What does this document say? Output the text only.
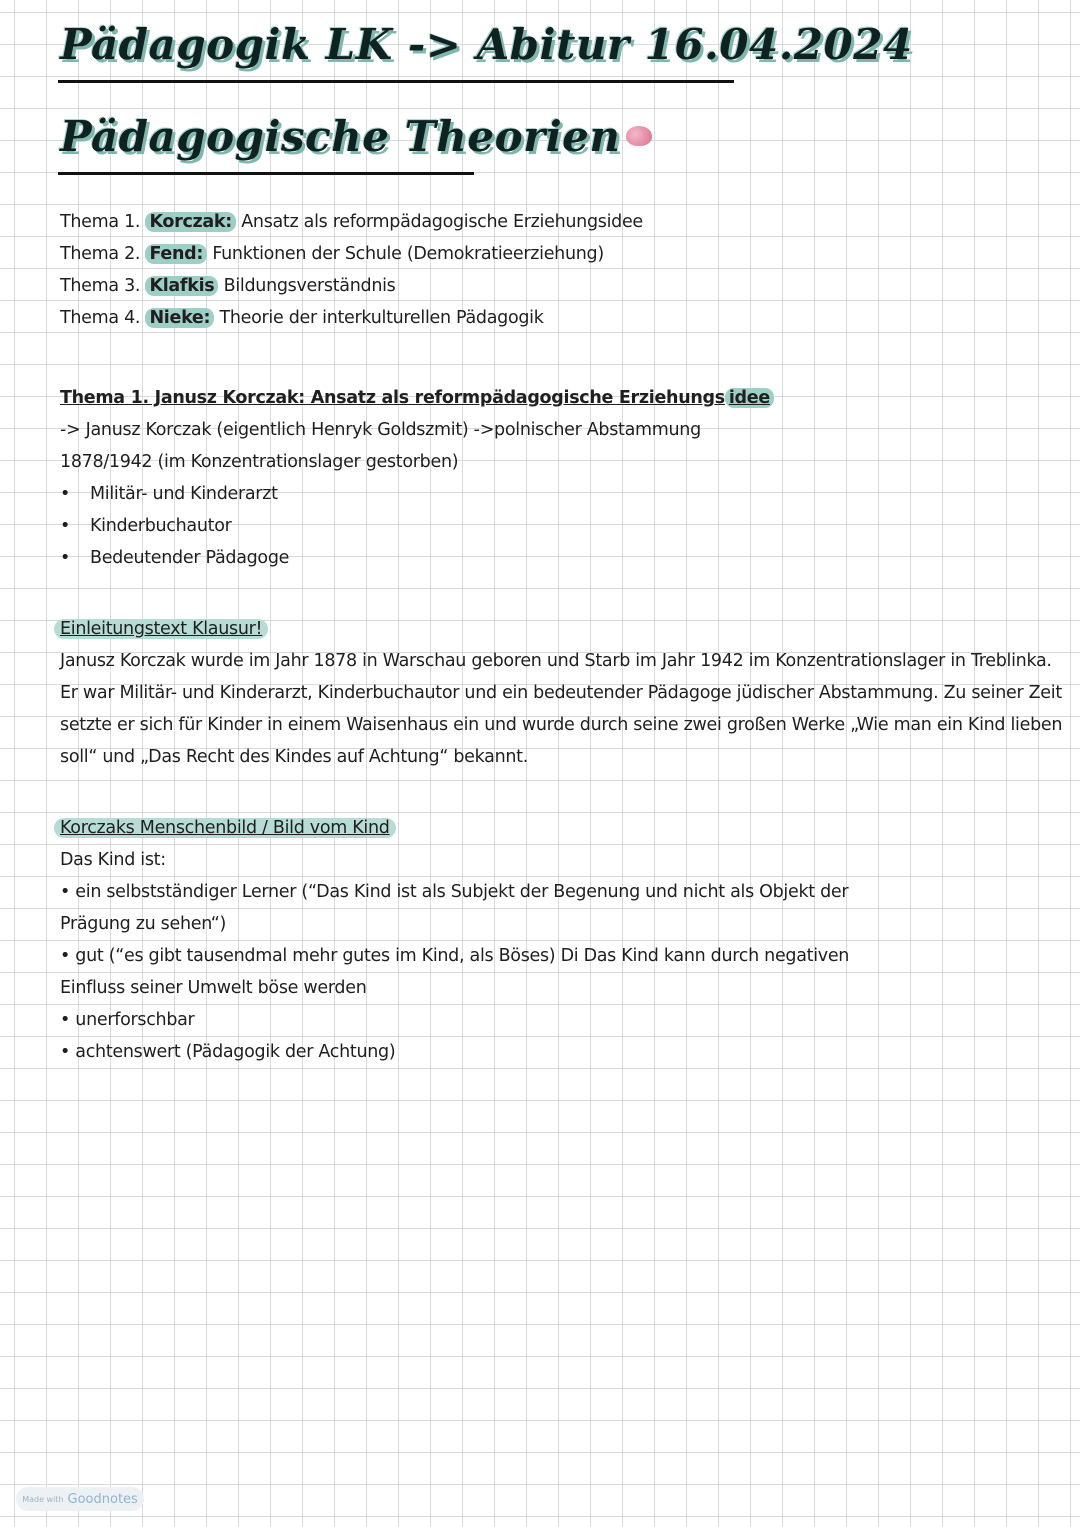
Pädagogik LK -> Abitur 16.04.2024
Pädagogische Theorien
Thema 1. Korczak: Ansatz als reformpädagogische Erziehungsidee
Thema 2. Fend: Funktionen der Schule (Demokratieerziehung)
Thema 3. Klafkis Bildungsverständnis
Thema 4. Nieke: Theorie der interkulturellen Pädagogik
Thema 1. Janusz Korczak: Ansatz als reformpädagogische Erziehungs idee
-> Janusz Korczak (eigentlich Henryk Goldszmit) ->polnischer Abstammung
1878/1942 (im Konzentrationslager gestorben)
• Militär- und Kinderarzt
• Kinderbuchautor
• Bedeutender Pädagoge
Einleitungstext Klausur!
Janusz Korczak wurde im Jahr 1878 in Warschau geboren und Starb im Jahr 1942 im Konzentrationslager in Treblinka.
Er war Militär- und Kinderarzt, Kinderbuchautor und ein bedeutender Pädagoge jüdischer Abstammung. Zu seiner Zeit
setzte er sich für Kinder in einem Waisenhaus ein und wurde durch seine zwei großen Werke „Wie man ein Kind lieben
soll“ und „Das Recht des Kindes auf Achtung“ bekannt.
Korczaks Menschenbild / Bild vom Kind
Das Kind ist:
• ein selbstständiger Lerner (“Das Kind ist als Subjekt der Begenung und nicht als Objekt der
Prägung zu sehen“)
• gut (“es gibt tausendmal mehr gutes im Kind, als Böses) Di Das Kind kann durch negativen
Einfluss seiner Umwelt böse werden
• unerforschbar
• achtenswert (Pädagogik der Achtung)
Made with Goodnotes
